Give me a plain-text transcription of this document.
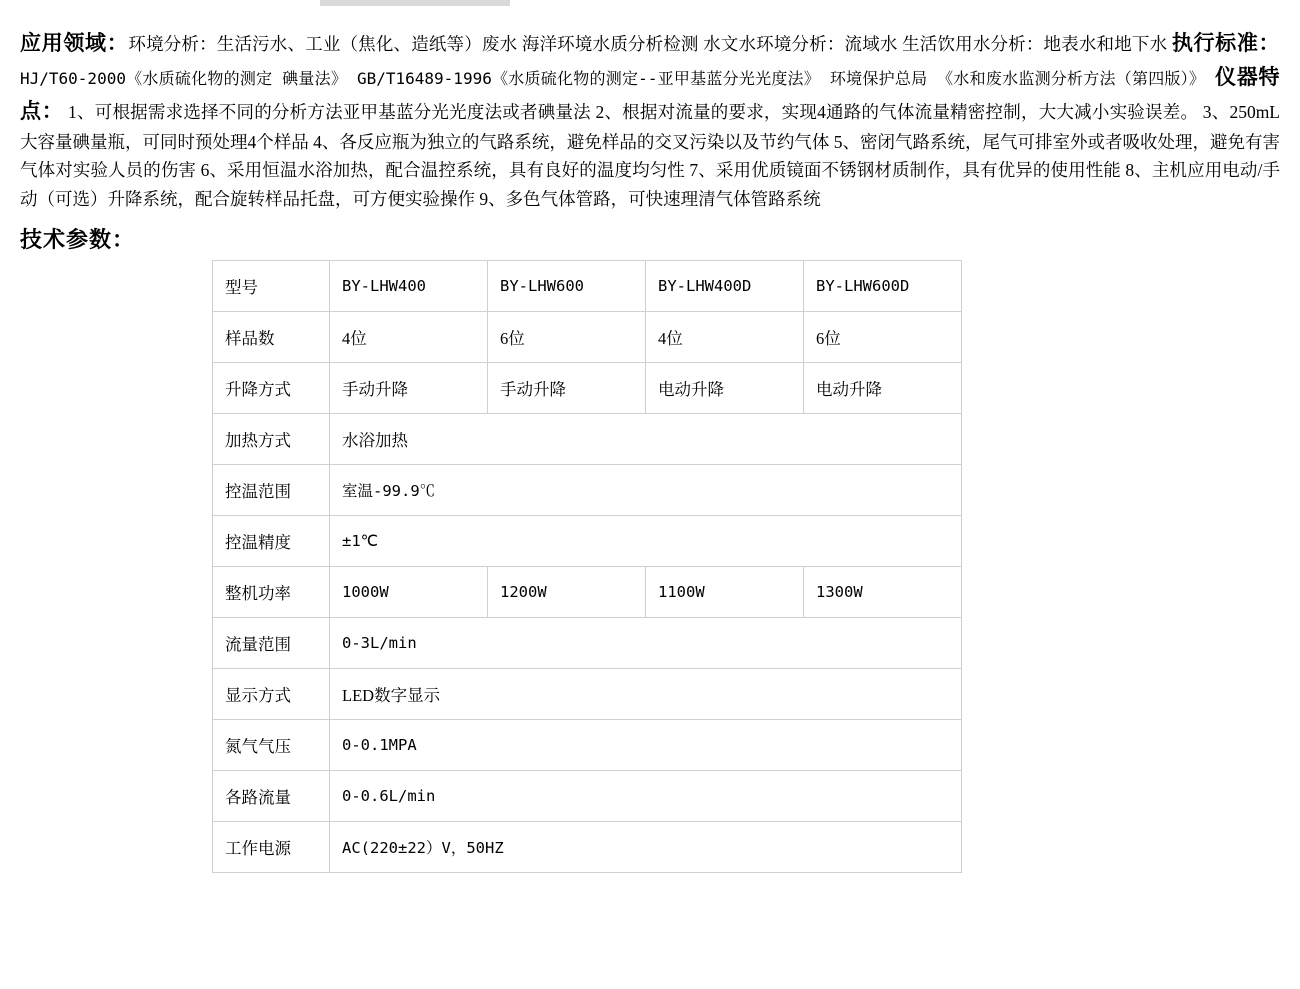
应用领域：环境分析：生活污水、工业（焦化、造纸等）废水 海洋环境水质分析检测 水文水环境分析：流域水 生活饮用水分析：地表水和地下水 执行标准： HJ/T60-2000《水质硫化物的测定 碘量法》 GB/T16489-1996《水质硫化物的测定--亚甲基蓝分光光度法》 环境保护总局 《水和废水监测分析方法（第四版）》 仪器特点： 1、可根据需求选择不同的分析方法亚甲基蓝分光光度法或者碘量法 2、根据对流量的要求，实现4通路的气体流量精密控制，大大减小实验误差。 3、250mL大容量碘量瓶，可同时预处理4个样品 4、各反应瓶为独立的气路系统，避免样品的交叉污染以及节约气体 5、密闭气路系统，尾气可排室外或者吸收处理，避免有害气体对实验人员的伤害 6、采用恒温水浴加热，配合温控系统，具有良好的温度均匀性 7、采用优质镜面不锈钢材质制作，具有优异的使用性能 8、主机应用电动/手动（可选）升降系统，配合旋转样品托盘，可方便实验操作 9、多色气体管路，可快速理清气体管路系统
技术参数：
型号	BY-LHW400	BY-LHW600	BY-LHW400D	BY-LHW600D
样品数	4位	6位	4位	6位
升降方式	手动升降	手动升降	电动升降	电动升降
加热方式	水浴加热			
控温范围	室温-99.9℃			
控温精度	±1℃			
整机功率	1000W	1200W	1100W	1300W
流量范围	0-3L/min			
显示方式	LED数字显示			
氮气气压	0-0.1MPA			
各路流量	0-0.6L/min			
工作电源	AC(220±22）V，50HZ			
